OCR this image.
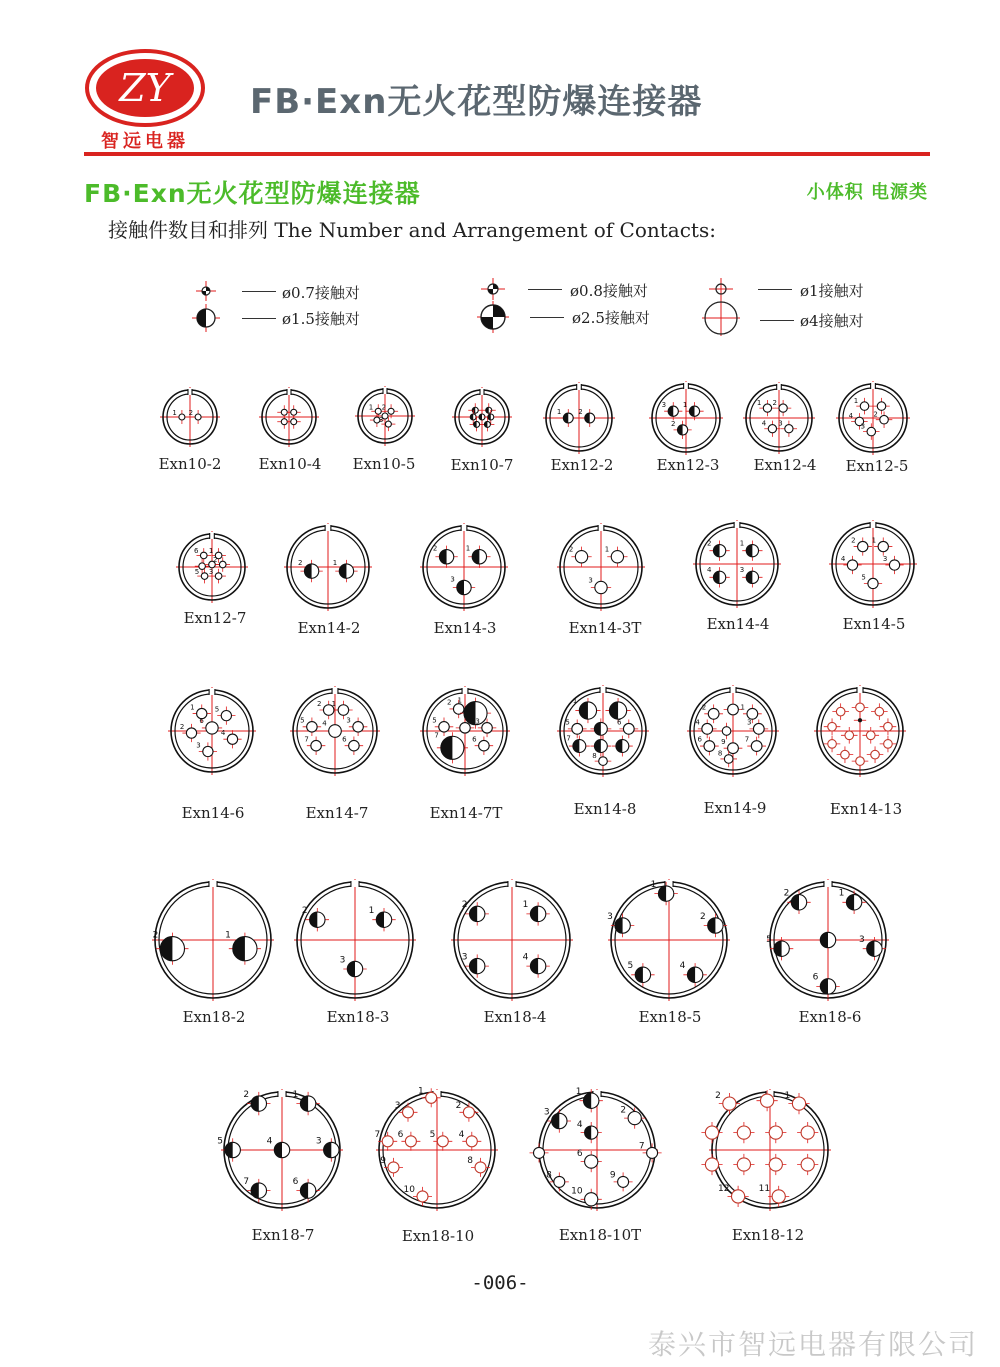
ZY
智远电器
FB·Exn无火花型防爆连接器
FB·Exn无火花型防爆连接器	小体积 电源类
接触件数目和排列 The Number and Arrangement of Contacts:
ø0.7接触对
ø1.5接触对
ø0.8接触对
ø2.5接触对
ø1接触对
ø4接触对
1 2
1 2
3
1 2
3 1
2
1 2
4 3
1
4	2
3
6 1
2
5 3
2	1
2	1
3
2	1
3
2	1
4	3
2 1
4	3
5
1	5
2
6
4
3
2 1
5	4	3
7	6
2 1
5	3
7
6
1
5	6
7
8
2	1
4	3
6	9
8
7
2	1
2	1
3
2	1
3	4
3
1
2
5	4
2	1
5	3
6
2	1
5	4	3
7	6
1
3	2
7 6	5	4
9	8
10
1
3	2
4
6
7
8	9
10
2	1
12	11
Exn10-2	Exn10-4	Exn10-5	Exn10-7	Exn12-2	Exn12-3	Exn12-4	Exn12-5
Exn12-7
Exn14-2	Exn14-3	Exn14-3T	Exn14-4	Exn14-5
Exn14-6	Exn14-7	Exn14-7T	Exn14-8	Exn14-9	Exn14-13
Exn18-2	Exn18-3	Exn18-4	Exn18-5	Exn18-6
Exn18-7	Exn18-10	Exn18-10T	Exn18-12
-006-
泰兴市智远电器有限公司
